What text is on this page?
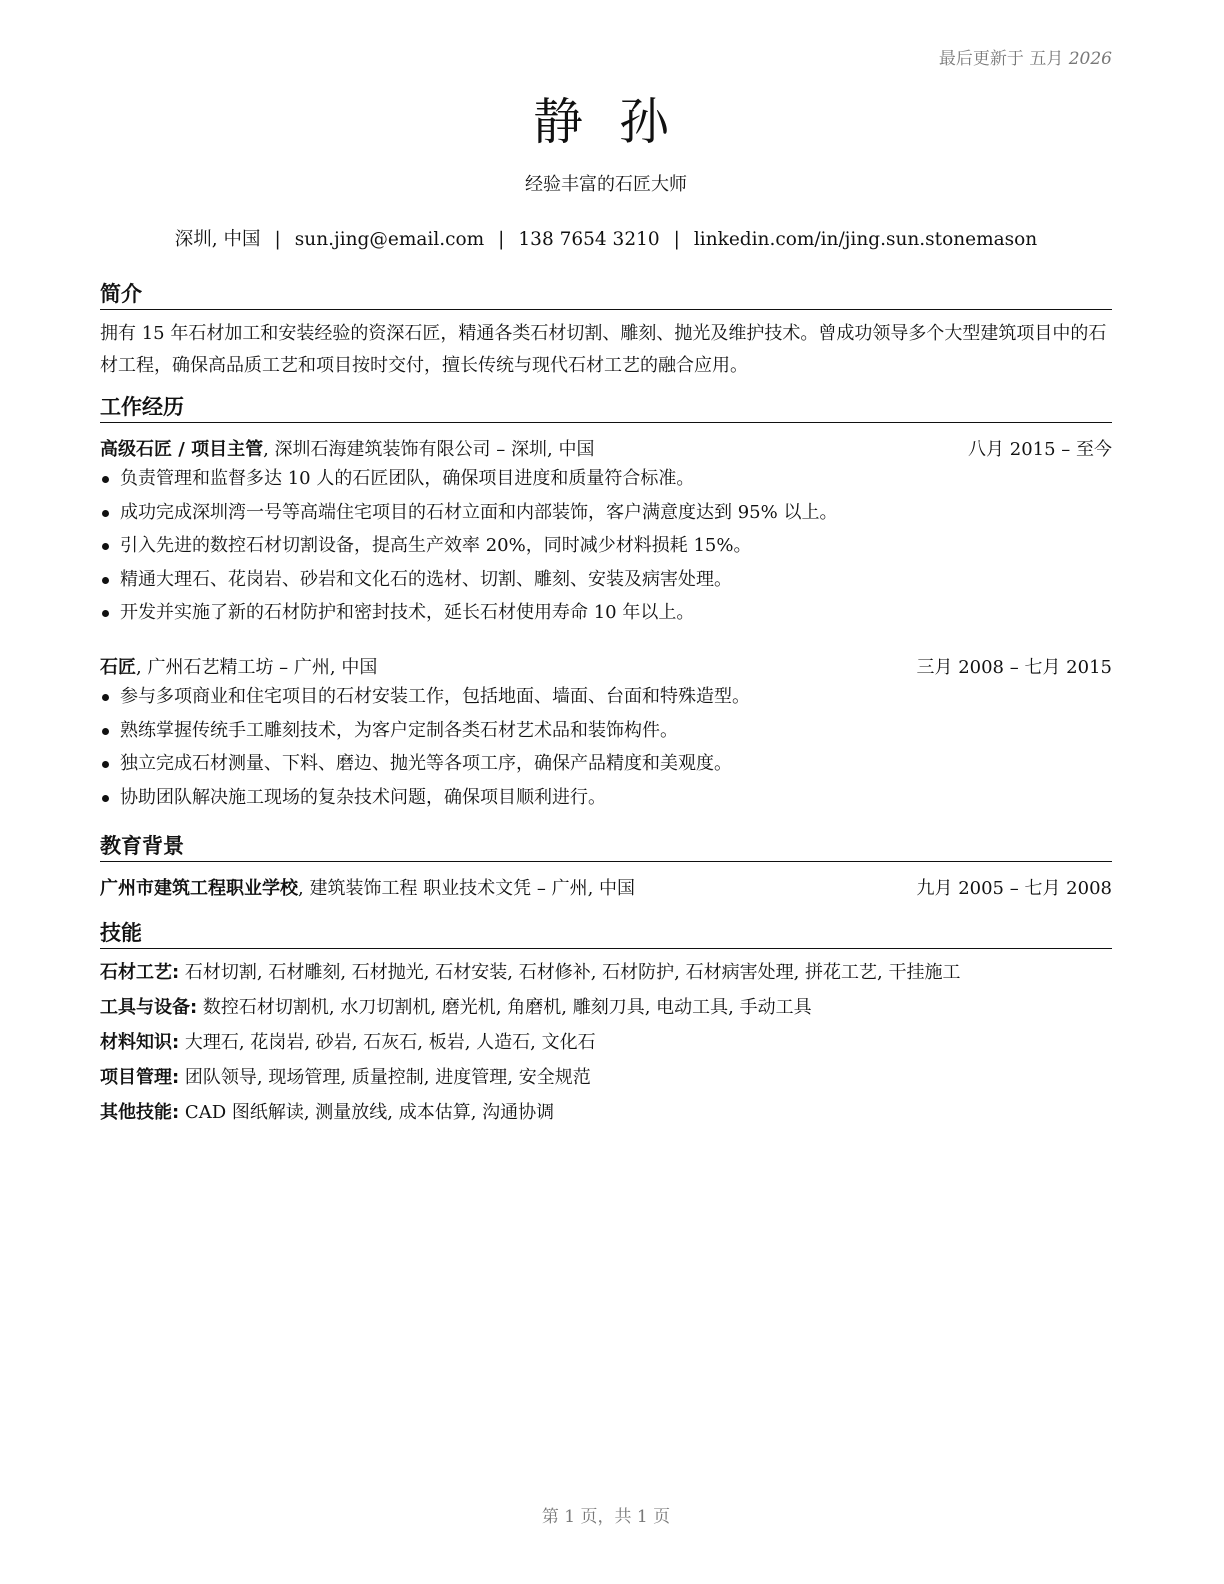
最后更新于 五月 2026
静 孙
经验丰富的石匠大师
深圳, 中国 | sun.jing@email.com | 138 7654 3210 | linkedin.com/in/jing.sun.stonemason
简介
拥有 15 年石材加工和安装经验的资深石匠，精通各类石材切割、雕刻、抛光及维护技术。曾成功领导多个大型建筑项目中的石材工程，确保高品质工艺和项目按时交付，擅长传统与现代石材工艺的融合应用。
工作经历
高级石匠 / 项目主管, 深圳石海建筑装饰有限公司 – 深圳, 中国	八月 2015 – 至今
负责管理和监督多达 10 人的石匠团队，确保项目进度和质量符合标准。
成功完成深圳湾一号等高端住宅项目的石材立面和内部装饰，客户满意度达到 95% 以上。
引入先进的数控石材切割设备，提高生产效率 20%，同时减少材料损耗 15%。
精通大理石、花岗岩、砂岩和文化石的选材、切割、雕刻、安装及病害处理。
开发并实施了新的石材防护和密封技术，延长石材使用寿命 10 年以上。
石匠, 广州石艺精工坊 – 广州, 中国	三月 2008 – 七月 2015
参与多项商业和住宅项目的石材安装工作，包括地面、墙面、台面和特殊造型。
熟练掌握传统手工雕刻技术，为客户定制各类石材艺术品和装饰构件。
独立完成石材测量、下料、磨边、抛光等各项工序，确保产品精度和美观度。
协助团队解决施工现场的复杂技术问题，确保项目顺利进行。
教育背景
广州市建筑工程职业学校, 建筑装饰工程 职业技术文凭 – 广州, 中国	九月 2005 – 七月 2008
技能
石材工艺: 石材切割, 石材雕刻, 石材抛光, 石材安装, 石材修补, 石材防护, 石材病害处理, 拼花工艺, 干挂施工
工具与设备: 数控石材切割机, 水刀切割机, 磨光机, 角磨机, 雕刻刀具, 电动工具, 手动工具
材料知识: 大理石, 花岗岩, 砂岩, 石灰石, 板岩, 人造石, 文化石
项目管理: 团队领导, 现场管理, 质量控制, 进度管理, 安全规范
其他技能: CAD 图纸解读, 测量放线, 成本估算, 沟通协调
第 1 页，共 1 页
